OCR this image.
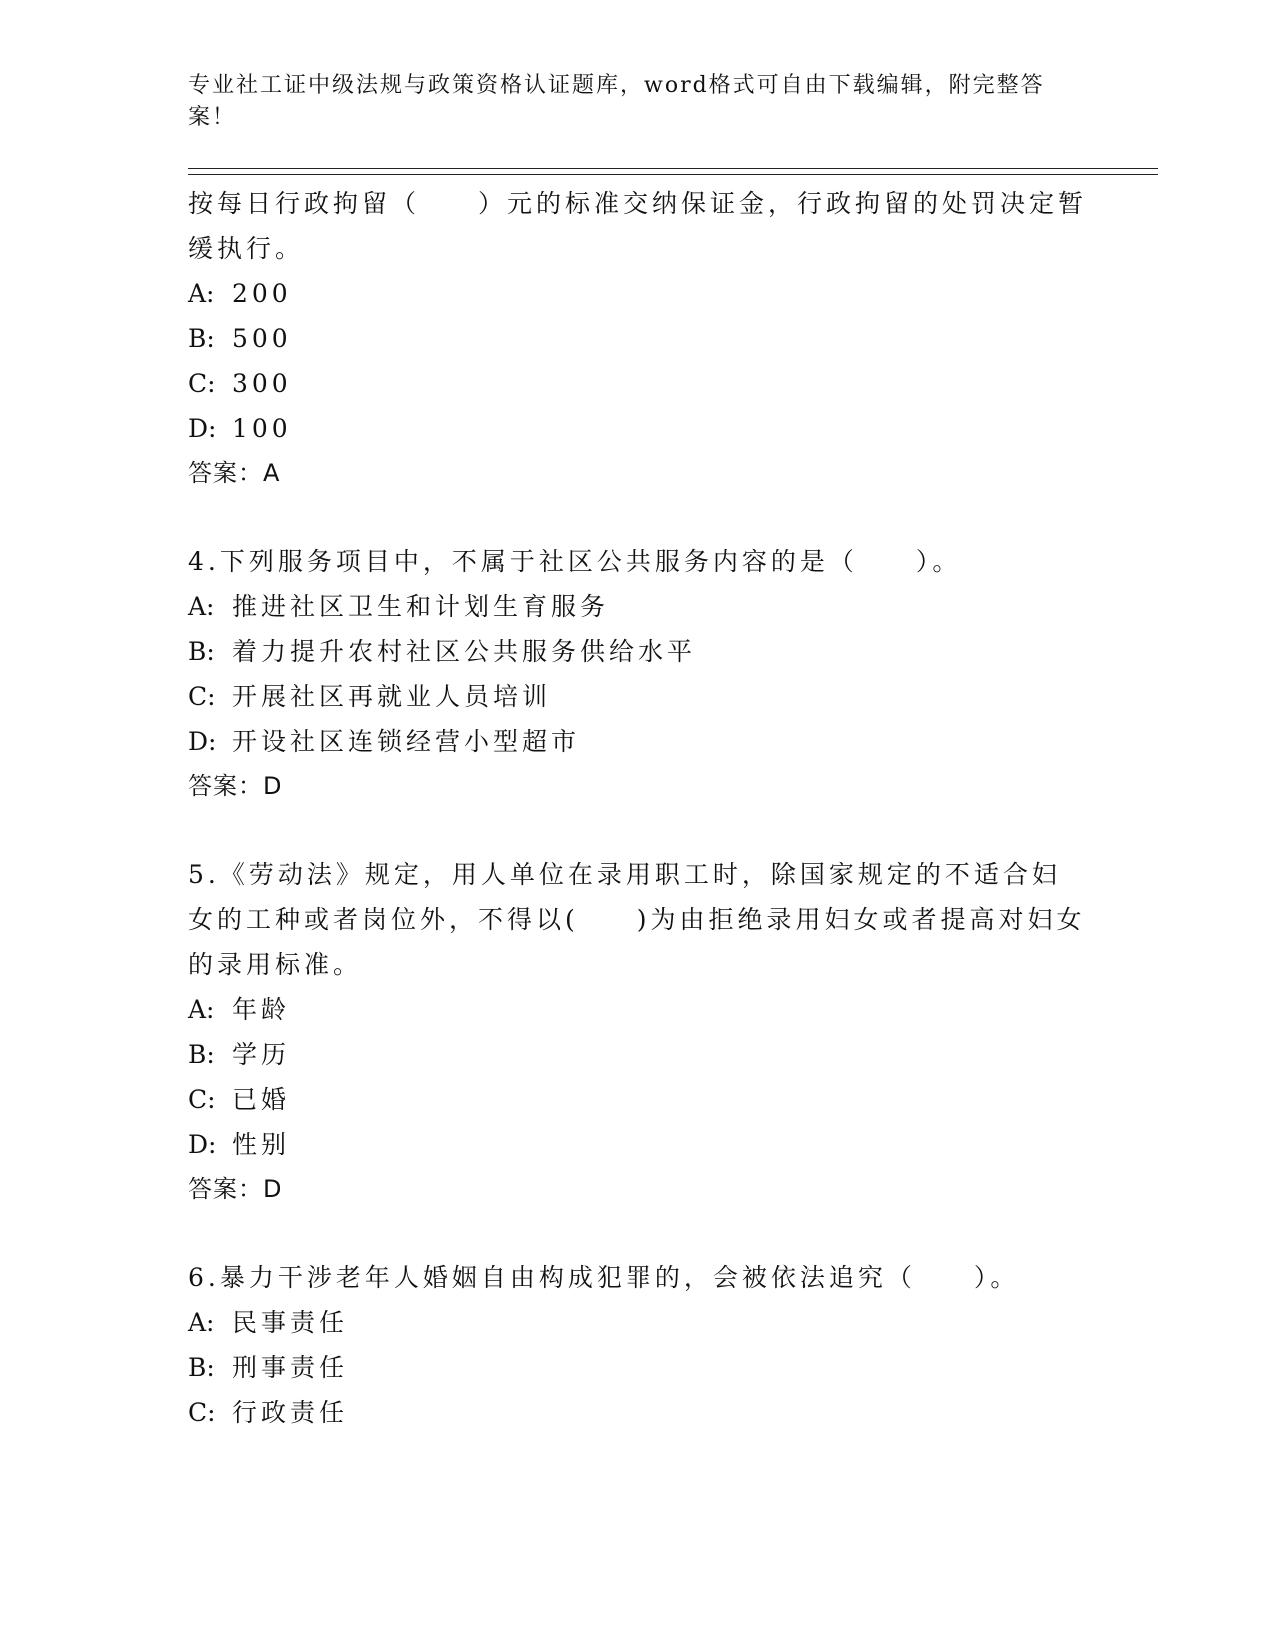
专业社工证中级法规与政策资格认证题库，word格式可自由下载编辑，附完整答案！

按每日行政拘留（　　）元的标准交纳保证金，行政拘留的处罚决定暂缓执行。

A: 200

B: 500

C: 300

D: 100

答案：A

4.下列服务项目中，不属于社区公共服务内容的是（　　）。

A: 推进社区卫生和计划生育服务

B: 着力提升农村社区公共服务供给水平

C: 开展社区再就业人员培训

D: 开设社区连锁经营小型超市

答案：D

5.《劳动法》规定，用人单位在录用职工时，除国家规定的不适合妇女的工种或者岗位外，不得以(　　)为由拒绝录用妇女或者提高对妇女的录用标准。

A: 年龄

B: 学历

C: 已婚

D: 性别

答案：D

6.暴力干涉老年人婚姻自由构成犯罪的，会被依法追究（　　）。

A: 民事责任

B: 刑事责任

C: 行政责任
